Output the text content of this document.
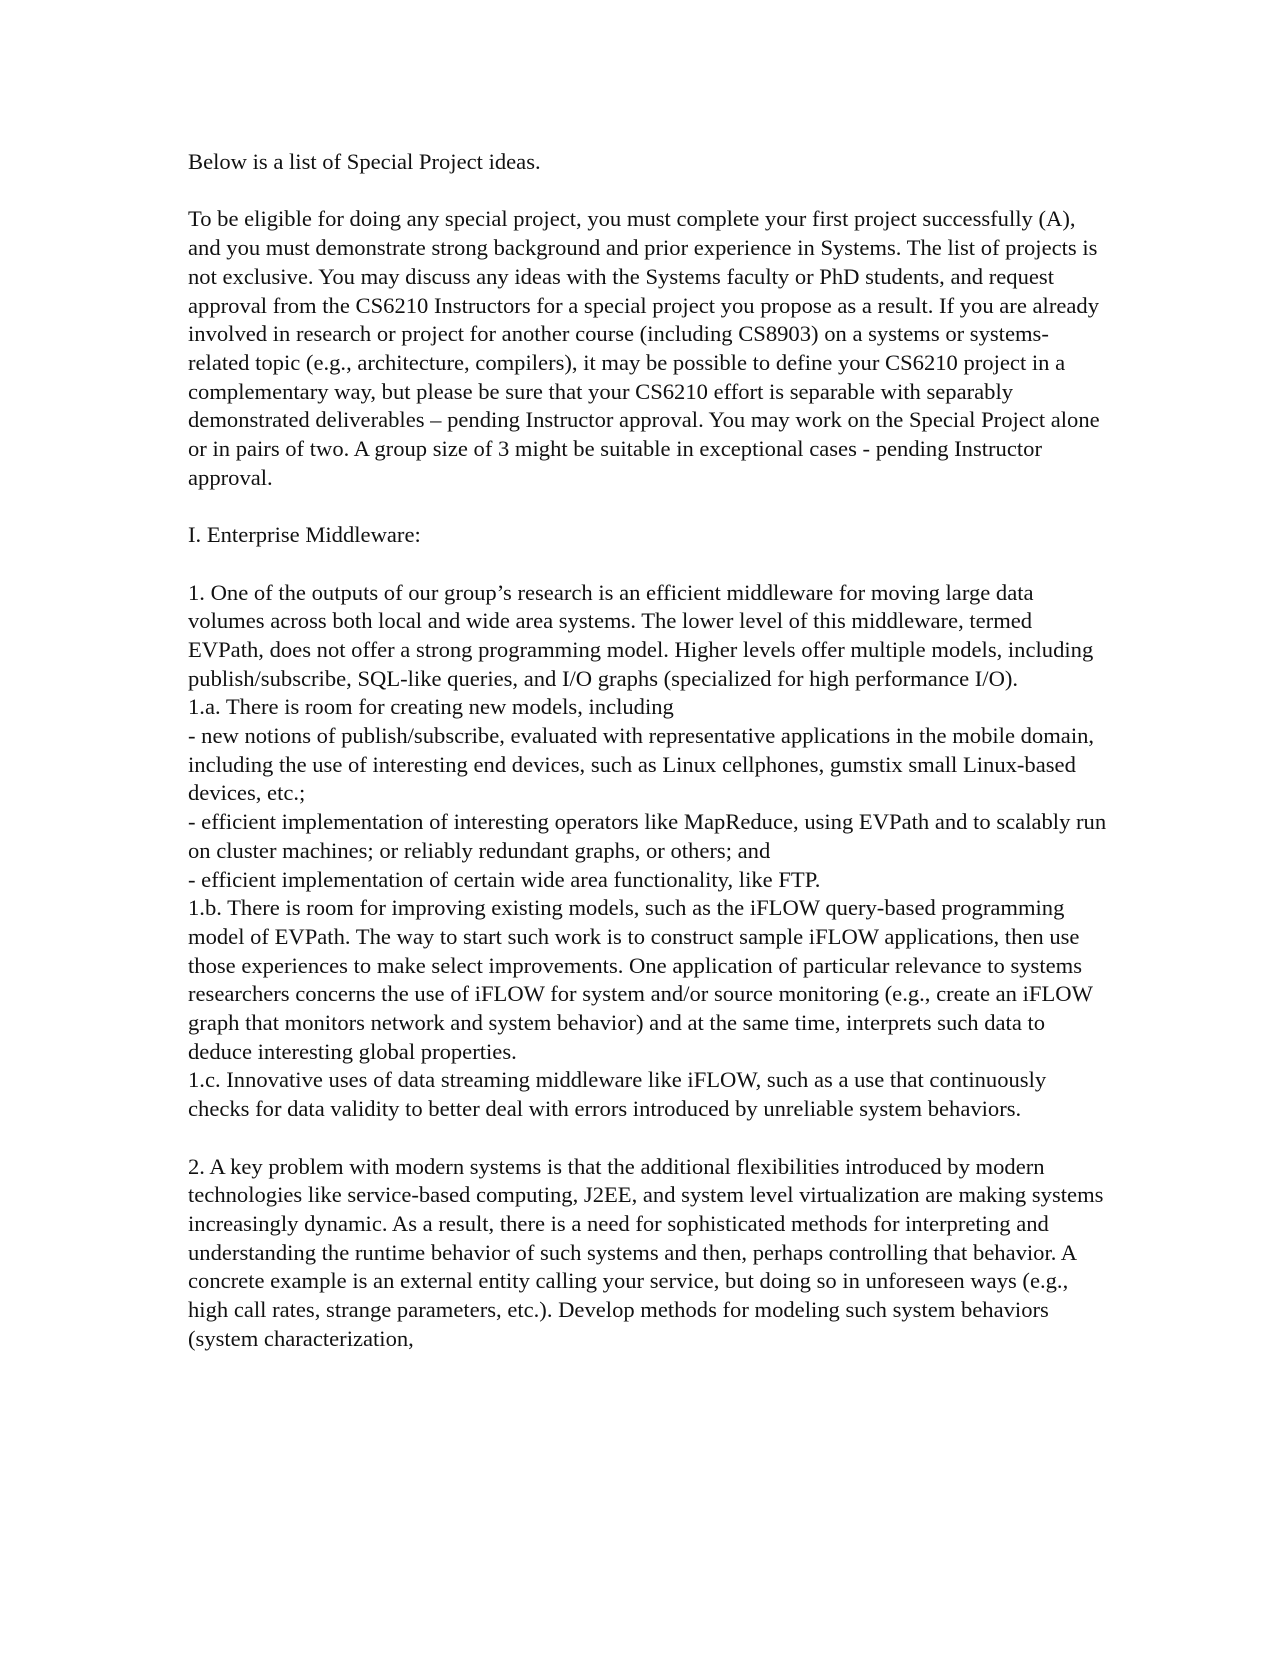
Below is a list of Special Project ideas.

To be eligible for doing any special project, you must complete your first project successfully (A), and you must demonstrate strong background and prior experience in Systems. The list of projects is not exclusive. You may discuss any ideas with the Systems faculty or PhD students, and request approval from the CS6210 Instructors for a special project you propose as a result. If you are already involved in research or project for another course (including CS8903) on a systems or systems-related topic (e.g., architecture, compilers), it may be possible to define your CS6210 project in a complementary way, but please be sure that your CS6210 effort is separable with separably demonstrated deliverables – pending Instructor approval. You may work on the Special Project alone or in pairs of two. A group size of 3 might be suitable in exceptional cases - pending Instructor approval.

I. Enterprise Middleware:

1. One of the outputs of our group’s research is an efficient middleware for moving large data volumes across both local and wide area systems. The lower level of this middleware, termed EVPath, does not offer a strong programming model. Higher levels offer multiple models, including publish/subscribe, SQL-like queries, and I/O graphs (specialized for high performance I/O).

1.a. There is room for creating new models, including

- new notions of publish/subscribe, evaluated with representative applications in the mobile domain, including the use of interesting end devices, such as Linux cellphones, gumstix small Linux-based devices, etc.;

- efficient implementation of interesting operators like MapReduce, using EVPath and to scalably run on cluster machines; or reliably redundant graphs, or others; and

- efficient implementation of certain wide area functionality, like FTP.

1.b. There is room for improving existing models, such as the iFLOW query-based programming model of EVPath. The way to start such work is to construct sample iFLOW applications, then use those experiences to make select improvements. One application of particular relevance to systems researchers concerns the use of iFLOW for system and/or source monitoring (e.g., create an iFLOW graph that monitors network and system behavior) and at the same time, interprets such data to deduce interesting global properties.

1.c. Innovative uses of data streaming middleware like iFLOW, such as a use that continuously checks for data validity to better deal with errors introduced by unreliable system behaviors.

2. A key problem with modern systems is that the additional flexibilities introduced by modern technologies like service-based computing, J2EE, and system level virtualization are making systems increasingly dynamic. As a result, there is a need for sophisticated methods for interpreting and understanding the runtime behavior of such systems and then, perhaps controlling that behavior. A concrete example is an external entity calling your service, but doing so in unforeseen ways (e.g., high call rates, strange parameters, etc.). Develop methods for modeling such system behaviors (system characterization,
